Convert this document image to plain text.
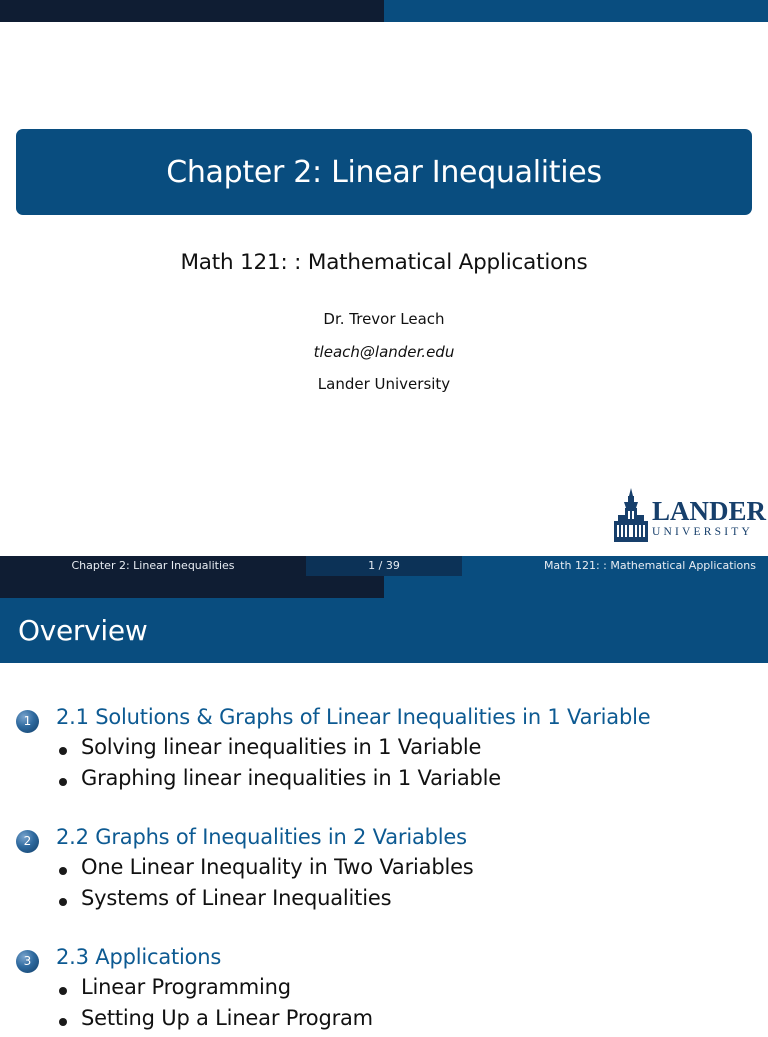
Chapter 2: Linear Inequalities
Math 121: : Mathematical Applications
Dr. Trevor Leach
tleach@lander.edu
Lander University
LANDER
UNIVERSITY
Chapter 2: Linear Inequalities	1 / 39	Math 121: : Mathematical Applications
Overview
1	2.1 Solutions & Graphs of Linear Inequalities in 1 Variable
Solving linear inequalities in 1 Variable
Graphing linear inequalities in 1 Variable
2	2.2 Graphs of Inequalities in 2 Variables
One Linear Inequality in Two Variables
Systems of Linear Inequalities
3	2.3 Applications
Linear Programming
Setting Up a Linear Program
